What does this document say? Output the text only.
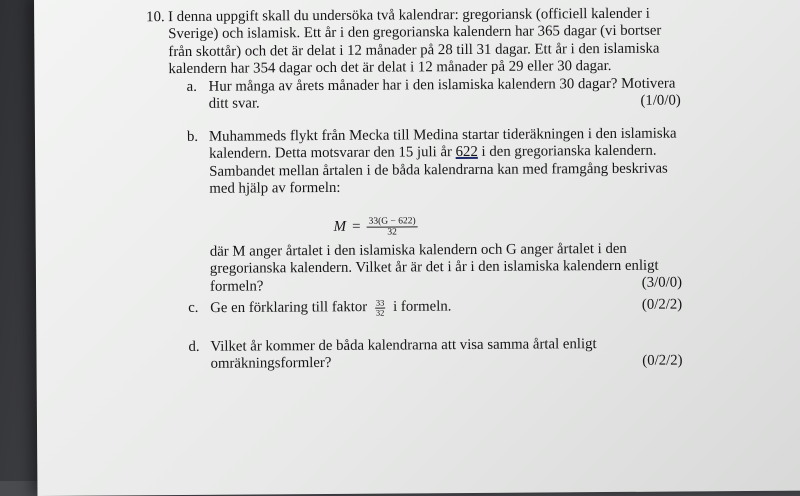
10. I denna uppgift skall du undersöka två kalendrar: gregoriansk (officiell kalender i
Sverige) och islamisk. Ett år i den gregorianska kalendern har 365 dagar (vi bortser
från skottår) och det är delat i 12 månader på 28 till 31 dagar. Ett år i den islamiska
kalendern har 354 dagar och det är delat i 12 månader på 29 eller 30 dagar.

a. Hur många av årets månader har i den islamiska kalendern 30 dagar? Motivera
ditt svar.	(1/0/0)
b. Muhammeds flykt från Mecka till Medina startar tideräkningen i den islamiska
kalendern. Detta motsvarar den 15 juli år 622 i den gregorianska kalendern.
Sambandet mellan årtalen i de båda kalendrarna kan med framgång beskrivas
med hjälp av formeln:
$M = \frac{33(G - 622)}{32}$
där M anger årtalet i den islamiska kalendern och G anger årtalet i den
gregorianska kalendern. Vilket år är det i år i den islamiska kalendern enligt
formeln?	(3/0/0)
c. Ge en förklaring till faktor $\frac{33}{32}$ i formeln.	(0/2/2)
d. Vilket år kommer de båda kalendrarna att visa samma årtal enligt
omräkningsformler?	(0/2/2)
